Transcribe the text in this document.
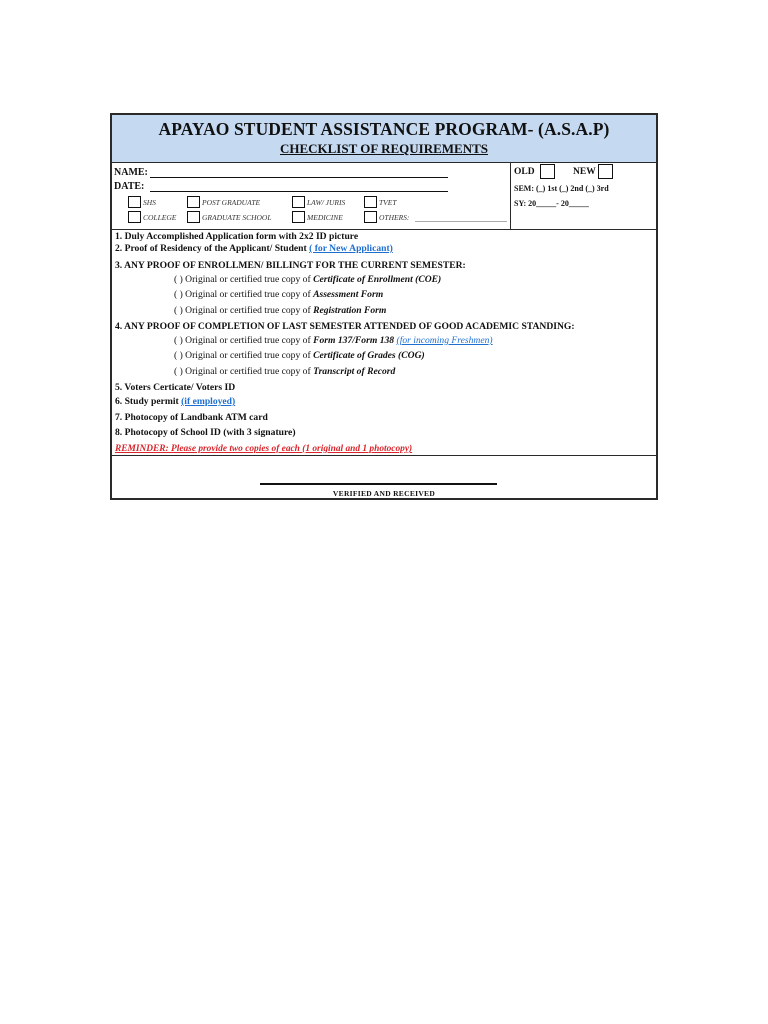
APAYAO STUDENT ASSISTANCE PROGRAM- (A.S.A.P)
CHECKLIST OF REQUIREMENTS
NAME:
DATE:
SHS	POST GRADUATE	LAW/ JURIS	TVET
COLLEGE	GRADUATE SCHOOL	MEDICINE	OTHERS:
OLD	NEW
SEM: (_) 1st (_) 2nd (_) 3rd
SY: 20_____- 20_____
1. Duly Accomplished Application form with 2x2 ID picture
2. Proof of Residency of the Applicant/ Student ( for New Applicant)
3. ANY PROOF OF ENROLLMEN/ BILLINGT FOR THE CURRENT SEMESTER:
( ) Original or certified true copy of Certificate of Enrollment (COE)
( ) Original or certified true copy of Assessment Form
( ) Original or certified true copy of Registration Form
4. ANY PROOF OF COMPLETION OF LAST SEMESTER ATTENDED OF GOOD ACADEMIC STANDING:
( ) Original or certified true copy of Form 137/Form 138 (for incoming Freshmen)
( ) Original or certified true copy of Certificate of Grades (COG)
( ) Original or certified true copy of Transcript of Record
5. Voters Certicate/ Voters ID
6. Study permit (if employed)
7. Photocopy of Landbank ATM card
8. Photocopy of School ID (with 3 signature)
REMINDER: Please provide two copies of each (1 original and 1 photocopy)
VERIFIED AND RECEIVED
